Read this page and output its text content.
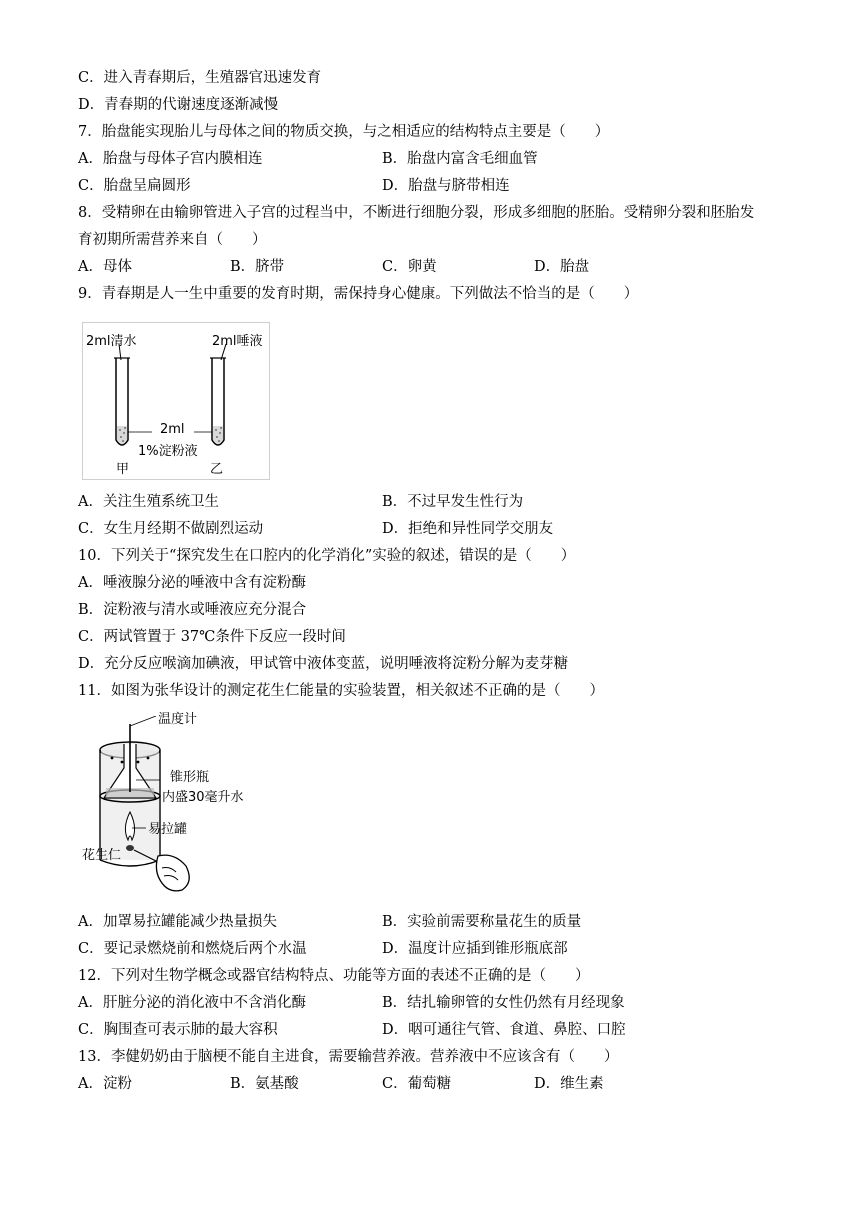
C．进入青春期后，生殖器官迅速发育
D．青春期的代谢速度逐渐减慢
7．胎盘能实现胎儿与母体之间的物质交换，与之相适应的结构特点主要是（　　）
A．胎盘与母体子宫内膜相连	B．胎盘内富含毛细血管
C．胎盘呈扁圆形	D．胎盘与脐带相连
8．受精卵在由输卵管进入子宫的过程当中，不断进行细胞分裂，形成多细胞的胚胎。受精卵分裂和胚胎发
育初期所需营养来自（　　）
A．母体	B．脐带	C．卵黄	D．胎盘
9．青春期是人一生中重要的发育时期，需保持身心健康。下列做法不恰当的是（　　）
2ml清水	2ml唾液
2ml
1%淀粉液
甲	乙
A．关注生殖系统卫生	B．不过早发生性行为
C．女生月经期不做剧烈运动	D．拒绝和异性同学交朋友
10．下列关于“探究发生在口腔内的化学消化”实验的叙述，错误的是（　　）
A．唾液腺分泌的唾液中含有淀粉酶
B．淀粉液与清水或唾液应充分混合
C．两试管置于 37℃条件下反应一段时间
D．充分反应喉滴加碘液，甲试管中液体变蓝，说明唾液将淀粉分解为麦芽糖
11．如图为张华设计的测定花生仁能量的实验装置，相关叙述不正确的是（　　）
温度计
锥形瓶
内盛30毫升水
易拉罐
花生仁
A．加罩易拉罐能减少热量损失	B．实验前需要称量花生的质量
C．要记录燃烧前和燃烧后两个水温	D．温度计应插到锥形瓶底部
12．下列对生物学概念或器官结构特点、功能等方面的表述不正确的是（　　）
A．肝脏分泌的消化液中不含消化酶	B．结扎输卵管的女性仍然有月经现象
C．胸围查可表示肺的最大容积	D．咽可通往气管、食道、鼻腔、口腔
13．李健奶奶由于脑梗不能自主进食，需要输营养液。营养液中不应该含有（　　）
A．淀粉	B．氨基酸	C．葡萄糖	D．维生素
